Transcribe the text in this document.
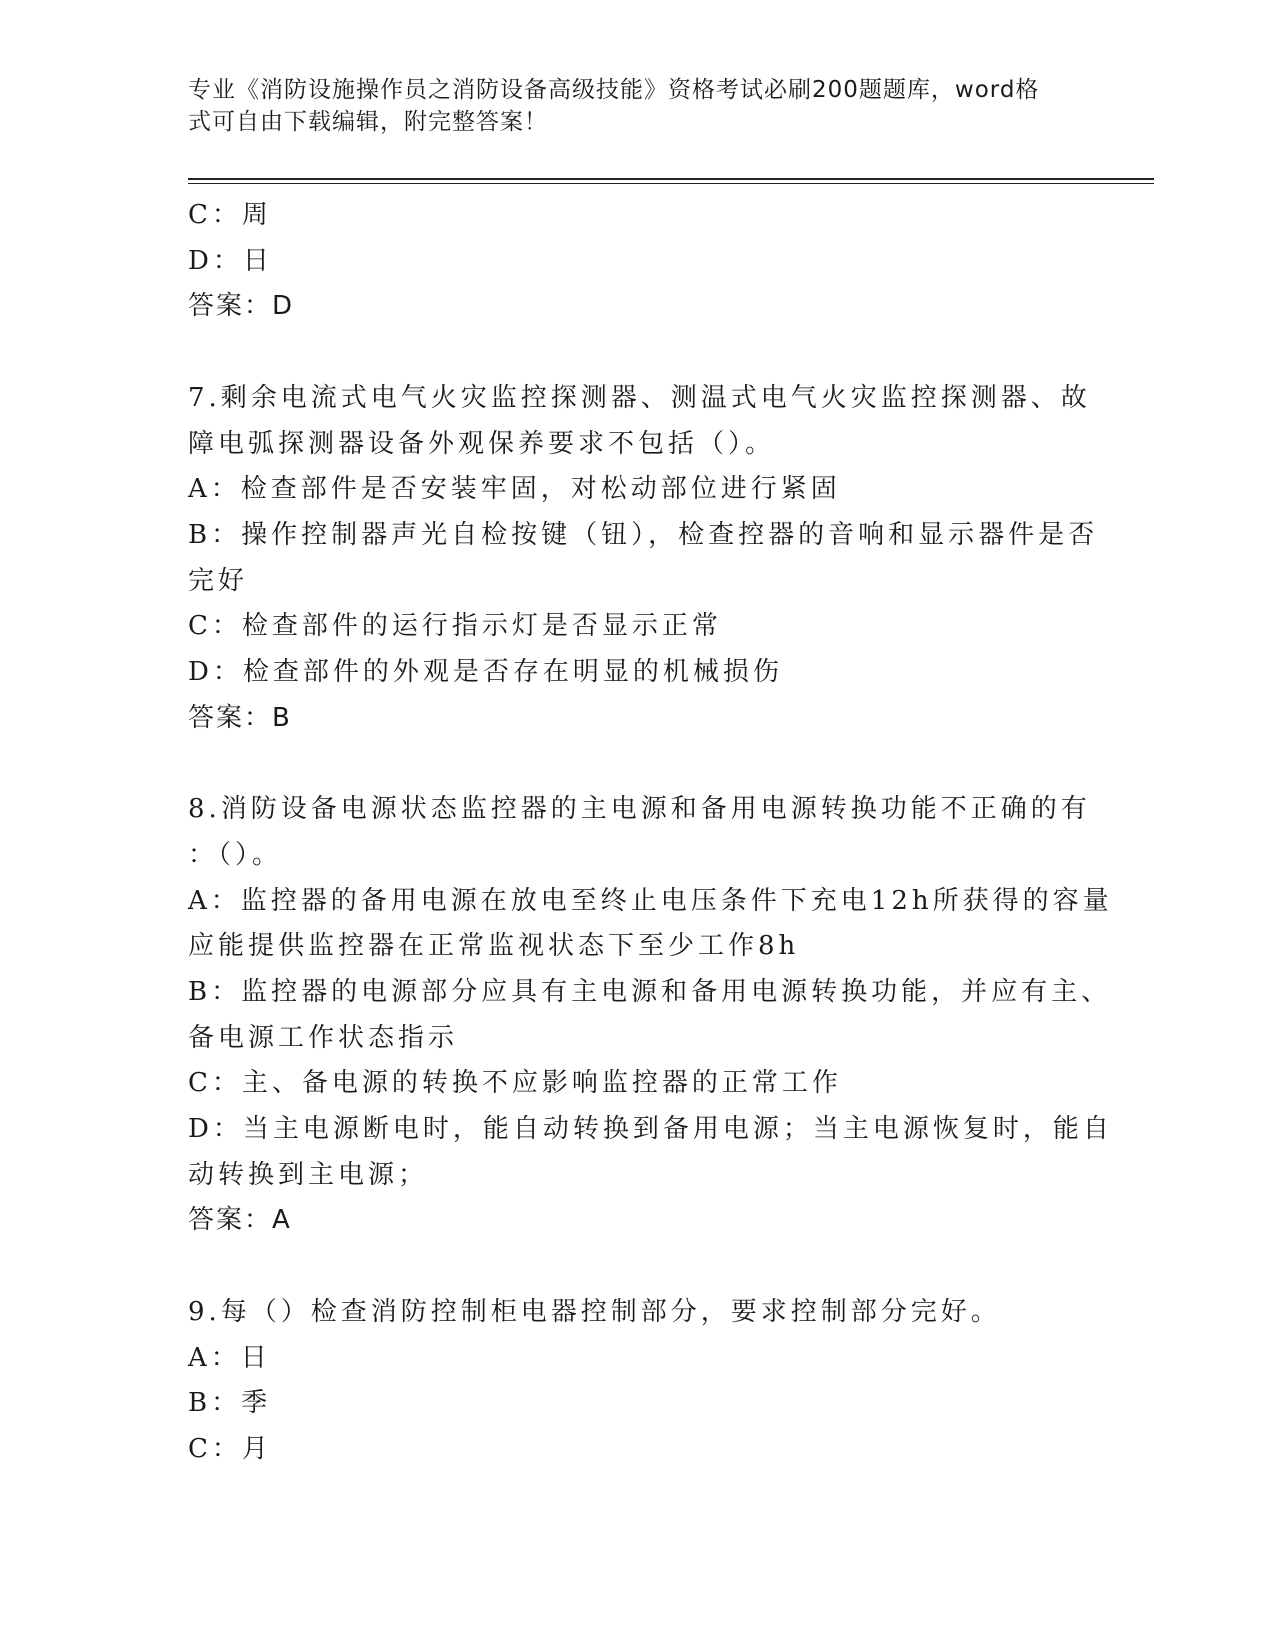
专业《消防设施操作员之消防设备高级技能》资格考试必刷200题题库，word格
式可自由下载编辑，附完整答案！
C：周
D：日
答案：D
7.剩余电流式电气火灾监控探测器、测温式电气火灾监控探测器、故
障电弧探测器设备外观保养要求不包括（）。
A：检查部件是否安装牢固，对松动部位进行紧固
B：操作控制器声光自检按键（钮），检查控器的音响和显示器件是否
完好
C：检查部件的运行指示灯是否显示正常
D：检查部件的外观是否存在明显的机械损伤
答案：B
8.消防设备电源状态监控器的主电源和备用电源转换功能不正确的有
：（）。
A：监控器的备用电源在放电至终止电压条件下充电12h所获得的容量
应能提供监控器在正常监视状态下至少工作8h
B：监控器的电源部分应具有主电源和备用电源转换功能，并应有主、
备电源工作状态指示
C：主、备电源的转换不应影响监控器的正常工作
D：当主电源断电时，能自动转换到备用电源；当主电源恢复时，能自
动转换到主电源；
答案：A
9.每（）检查消防控制柜电器控制部分，要求控制部分完好。
A：日
B：季
C：月
